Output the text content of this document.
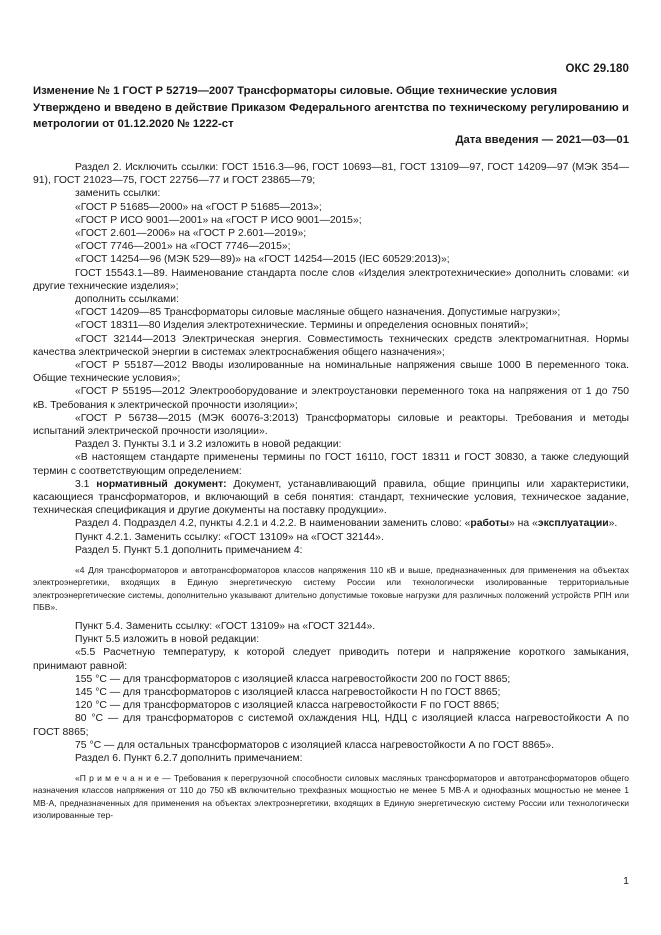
ОКС 29.180
Изменение № 1 ГОСТ Р 52719—2007 Трансформаторы силовые. Общие технические условия
Утверждено и введено в действие Приказом Федерального агентства по техническому регулированию и метрологии от 01.12.2020 № 1222-ст
Дата введения — 2021—03—01

Раздел 2. Исключить ссылки: ГОСТ 1516.3—96, ГОСТ 10693—81, ГОСТ 13109—97, ГОСТ 14209—97 (МЭК 354—91), ГОСТ 21023—75, ГОСТ 22756—77 и ГОСТ 23865—79;

заменить ссылки:

«ГОСТ Р 51685—2000» на «ГОСТ Р 51685—2013»;

«ГОСТ Р ИСО 9001—2001» на «ГОСТ Р ИСО 9001—2015»;

«ГОСТ 2.601—2006» на «ГОСТ Р 2.601—2019»;

«ГОСТ 7746—2001» на «ГОСТ 7746—2015»;

«ГОСТ 14254—96 (МЭК 529—89)» на «ГОСТ 14254—2015 (IEC 60529:2013)»;

ГОСТ 15543.1—89. Наименование стандарта после слов «Изделия электротехнические» дополнить словами: «и другие технические изделия»;

дополнить ссылками:

«ГОСТ 14209—85 Трансформаторы силовые масляные общего назначения. Допустимые нагрузки»;

«ГОСТ 18311—80 Изделия электротехнические. Термины и определения основных понятий»;

«ГОСТ 32144—2013 Электрическая энергия. Совместимость технических средств электромагнитная. Нормы качества электрической энергии в системах электроснабжения общего назначения»;

«ГОСТ Р 55187—2012 Вводы изолированные на номинальные напряжения свыше 1000 В переменного тока. Общие технические условия»;

«ГОСТ Р 55195—2012 Электрооборудование и электроустановки переменного тока на напряжения от 1 до 750 кВ. Требования к электрической прочности изоляции»;

«ГОСТ Р 56738—2015 (МЭК 60076-3:2013) Трансформаторы силовые и реакторы. Требования и методы испытаний электрической прочности изоляции».

Раздел 3. Пункты 3.1 и 3.2 изложить в новой редакции:

«В настоящем стандарте применены термины по ГОСТ 16110, ГОСТ 18311 и ГОСТ 30830, а также следующий термин с соответствующим определением:

3.1 нормативный документ: Документ, устанавливающий правила, общие принципы или характеристики, касающиеся трансформаторов, и включающий в себя понятия: стандарт, технические условия, техническое задание, техническая спецификация и другие документы на поставку продукции».

Раздел 4. Подраздел 4.2, пункты 4.2.1 и 4.2.2. В наименовании заменить слово: «работы» на «эксплуатации».

Пункт 4.2.1. Заменить ссылку: «ГОСТ 13109» на «ГОСТ 32144».

Раздел 5. Пункт 5.1 дополнить примечанием 4:

«4 Для трансформаторов и автотрансформаторов классов напряжения 110 кВ и выше, предназначенных для применения на объектах электроэнергетики, входящих в Единую энергетическую систему России или технологически изолированные территориальные электроэнергетические системы, дополнительно указывают длительно допустимые токовые нагрузки для различных положений устройств РПН или ПБВ».

Пункт 5.4. Заменить ссылку: «ГОСТ 13109» на «ГОСТ 32144».

Пункт 5.5 изложить в новой редакции:

«5.5 Расчетную температуру, к которой следует приводить потери и напряжение короткого замыкания, принимают равной:

155 °С — для трансформаторов с изоляцией класса нагревостойкости 200 по ГОСТ 8865;

145 °С — для трансформаторов с изоляцией класса нагревостойкости Н по ГОСТ 8865;

120 °С — для трансформаторов с изоляцией класса нагревостойкости F по ГОСТ 8865;

80 °С — для трансформаторов с системой охлаждения НЦ, НДЦ с изоляцией класса нагревостойкости А по ГОСТ 8865;

75 °С — для остальных трансформаторов с изоляцией класса нагревостойкости А по ГОСТ 8865».

Раздел 6. Пункт 6.2.7 дополнить примечанием:

«П р и м е ч а н и е — Требования к перегрузочной способности силовых масляных трансформаторов и автотрансформаторов общего назначения классов напряжения от 110 до 750 кВ включительно трехфазных мощностью не менее 5 МВ·А и однофазных мощностью не менее 1 МВ·А, предназначенных для применения на объектах электроэнергетики, входящих в Единую энергетическую систему России или технологически изолированные тер-

1
